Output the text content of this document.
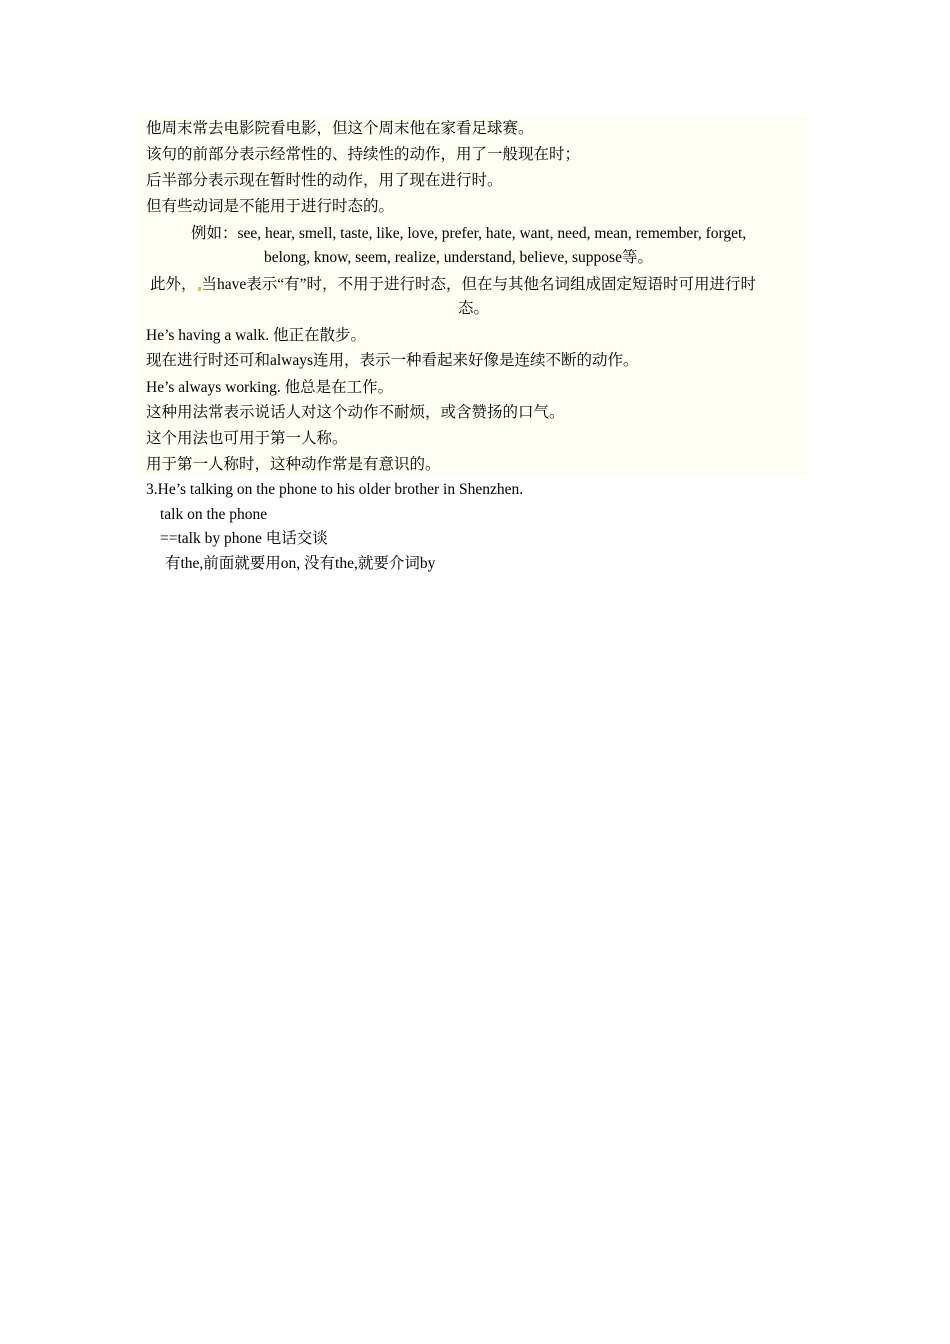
他周末常去电影院看电影，但这个周末他在家看足球赛。
该句的前部分表示经常性的、持续性的动作，用了一般现在时；
后半部分表示现在暂时性的动作，用了现在进行时。
但有些动词是不能用于进行时态的。
例如：see, hear, smell, taste, like, love, prefer, hate, want, need, mean, remember, forget,
belong, know, seem, realize, understand, believe, suppose等。
此外， 当have表示“有”时，不用于进行时态，但在与其他名词组成固定短语时可用进行时
态。
He’s having a walk. 他正在散步。
现在进行时还可和always连用，表示一种看起来好像是连续不断的动作。
He’s always working. 他总是在工作。
这种用法常表示说话人对这个动作不耐烦，或含赞扬的口气。
这个用法也可用于第一人称。
用于第一人称时，这种动作常是有意识的。
3.He’s talking on the phone to his older brother in Shenzhen.
talk on the phone
==talk by phone 电话交谈
有the,前面就要用on, 没有the,就要介词by
